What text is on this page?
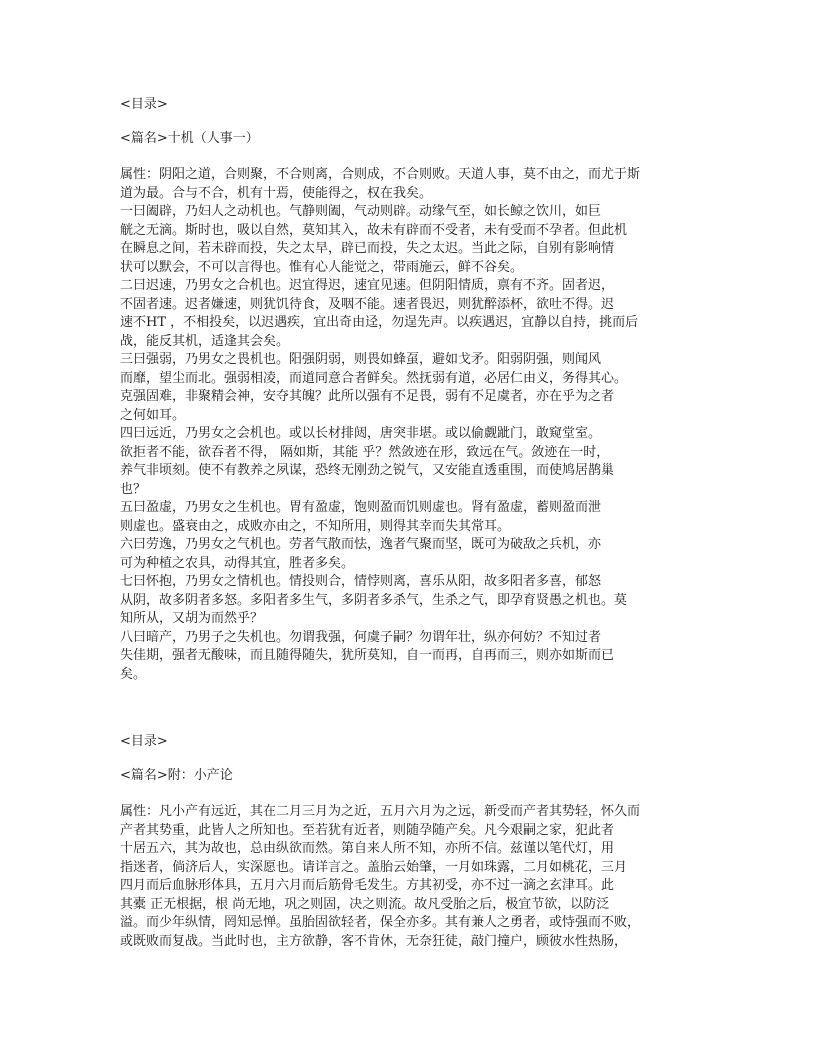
<目录>
<篇名>十机（人事一）
属性：阴阳之道，合则聚，不合则离，合则成，不合则败。天道人事，莫不由之，而尤于斯
道为最。合与不合，机有十焉，使能得之，权在我矣。
一曰阖辟，乃妇人之动机也。气静则阖，气动则辟。动缘气至，如长鲸之饮川，如巨
觥之无滴。斯时也，吸以自然，莫知其入，故未有辟而不受者，未有受而不孕者。但此机
在瞬息之间，若未辟而投，失之太早，辟已而投，失之太迟。当此之际，自别有影响情
状可以默会，不可以言得也。惟有心人能觉之，带雨施云，鲜不谷矣。
二曰迟速，乃男女之合机也。迟宜得迟，速宜见速。但阴阳情质，禀有不齐。固者迟，
不固者速。迟者嫌速，则犹饥待食，及咽不能。速者畏迟，则犹醉添杯，欲吐不得。迟
速不HT ，不相投矣，以迟遇疾，宜出奇由迳，勿逞先声。以疾遇迟，宜静以自持，挑而后
战，能反其机，适逢其会矣。
三曰强弱，乃男女之畏机也。阳强阴弱，则畏如蜂虿，避如戈矛。阳弱阴强，则闻风
而靡，望尘而北。强弱相凌，而道同意合者鲜矣。然抚弱有道，必居仁由义，务得其心。
克强固难，非聚精会神，安夺其魄？此所以强有不足畏，弱有不足虞者，亦在乎为之者
之何如耳。
四曰远近，乃男女之会机也。或以长材排闼，唐突非堪。或以偷觑跐门，敢窥堂室。
欲拒者不能，欲吞者不得， 隔如斯，其能 乎？然敛迹在形，致远在气。敛迹在一时，
养气非顷刻。使不有教养之夙谋，恐终无刚劲之锐气，又安能直透重围，而使鸠居鹊巢
也？
五曰盈虚，乃男女之生机也。胃有盈虚，饱则盈而饥则虚也。肾有盈虚，蓄则盈而泄
则虚也。盛衰由之，成败亦由之，不知所用，则得其幸而失其常耳。
六曰劳逸，乃男女之气机也。劳者气散而怯，逸者气聚而坚，既可为破敌之兵机，亦
可为种植之农具，动得其宜，胜者多矣。
七曰怀抱，乃男女之情机也。情投则合，情悖则离，喜乐从阳，故多阳者多喜，郁怒
从阴，故多阴者多怒。多阳者多生气，多阴者多杀气，生杀之气，即孕育贤愚之机也。莫
知所从，又胡为而然乎？
八曰暗产，乃男子之失机也。勿谓我强，何虞子嗣？勿谓年壮，纵亦何妨？不知过者
失佳期，强者无酸味，而且随得随失，犹所莫知，自一而再，自再而三，则亦如斯而已
矣。
<目录>
<篇名>附：小产论
属性：凡小产有远近，其在二月三月为之近，五月六月为之远，新受而产者其势轻，怀久而
产者其势重，此皆人之所知也。至若犹有近者，则随孕随产矣。凡今艰嗣之家，犯此者
十居五六，其为故也，总由纵欲而然。第自来人所不知，亦所不信。兹谨以笔代灯，用
指迷者，倘济后人，实深愿也。请详言之。盖胎云始肇，一月如珠露，二月如桃花，三月
四月而后血脉形体具，五月六月而后筋骨毛发生。方其初受，亦不过一滴之玄津耳。此
其橐 正无根据，根 尚无地，巩之则固，决之则流。故凡受胎之后，极宜节欲，以防泛
溢。而少年纵情，罔知忌惮。虽胎固欲轻者，保全亦多。其有兼人之勇者，或恃强而不败，
或既败而复战。当此时也，主方欲静，客不肯休，无奈狂徒，敲门撞户，顾彼水性热肠，
